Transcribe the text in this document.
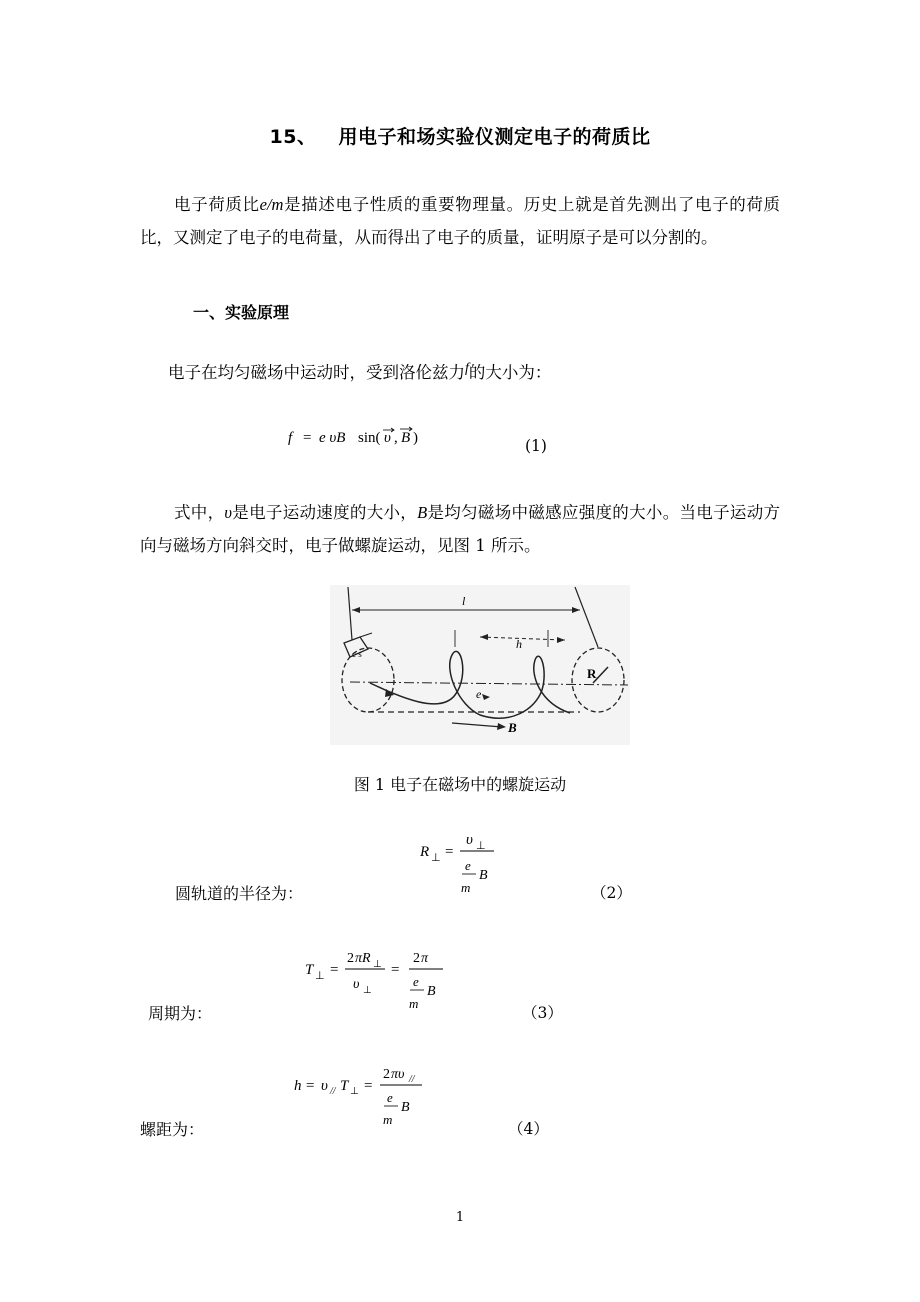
15、 用电子和场实验仪测定电子的荷质比
电子荷质比e/m是描述电子性质的重要物理量。历史上就是首先测出了电子的荷质比，又测定了电子的电荷量，从而得出了电子的质量，证明原子是可以分割的。
一、实验原理
电子在均匀磁场中运动时，受到洛伦兹力$^f$的大小为：
f = e υB sin( υ , B )	(1)
式中，υ是电子运动速度的大小，B是均匀磁场中磁感应强度的大小。当电子运动方向与磁场方向斜交时，电子做螺旋运动，见图 1 所示。
l
h
c s
R
e
B
图 1 电子在磁场中的螺旋运动
R ⊥ =
υ ⊥
e
B
m
圆轨道的半径为：	（2）
T ⊥ =
2 πR ⊥
υ ⊥
=
2 π
e
B
m
周期为：	（3）
h = υ // T ⊥ =
2 πυ //
e
B
m
螺距为：	（4）
1
